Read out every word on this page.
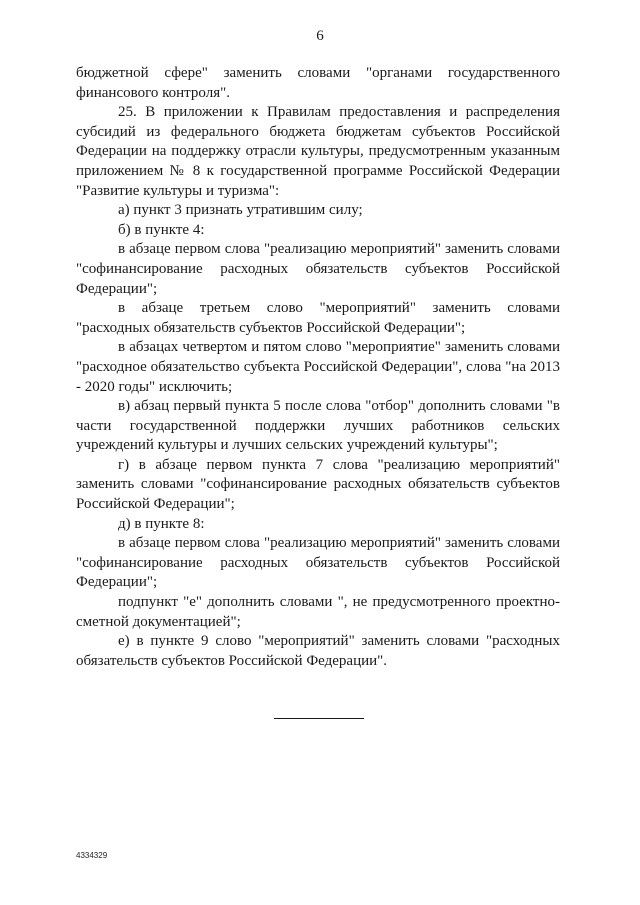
6

бюджетной сфере" заменить словами "органами государственного финансового контроля".

25. В приложении к Правилам предоставления и распределения субсидий из федерального бюджета бюджетам субъектов Российской Федерации на поддержку отрасли культуры, предусмотренным указанным приложением № 8 к государственной программе Российской Федерации "Развитие культуры и туризма":

а) пункт 3 признать утратившим силу;

б) в пункте 4:

в абзаце первом слова "реализацию мероприятий" заменить словами "софинансирование расходных обязательств субъектов Российской Федерации";

в абзаце третьем слово "мероприятий" заменить словами "расходных обязательств субъектов Российской Федерации";

в абзацах четвертом и пятом слово "мероприятие" заменить словами "расходное обязательство субъекта Российской Федерации", слова "на 2013 - 2020 годы" исключить;

в) абзац первый пункта 5 после слова "отбор" дополнить словами "в части государственной поддержки лучших работников сельских учреждений культуры и лучших сельских учреждений культуры";

г) в абзаце первом пункта 7 слова "реализацию мероприятий" заменить словами "софинансирование расходных обязательств субъектов Российской Федерации";

д) в пункте 8:

в абзаце первом слова "реализацию мероприятий" заменить словами "софинансирование расходных обязательств субъектов Российской Федерации";

подпункт "е" дополнить словами ", не предусмотренного проектно-сметной документацией";

е) в пункте 9 слово "мероприятий" заменить словами "расходных обязательств субъектов Российской Федерации".

4334329
